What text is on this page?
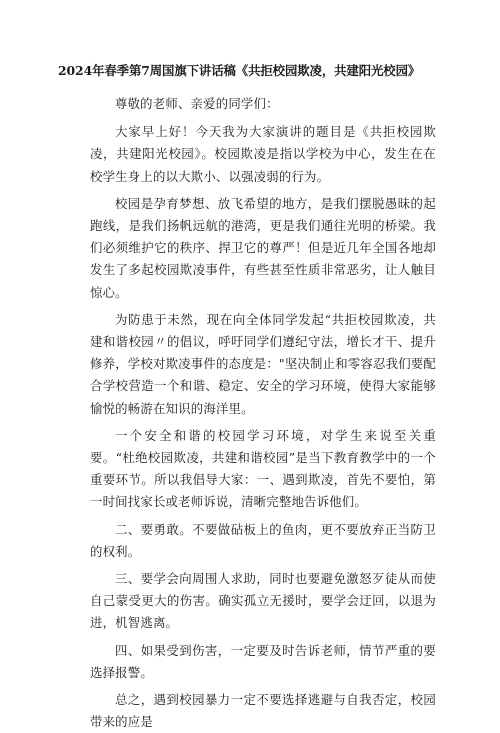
2024年春季第7周国旗下讲话稿《共拒校园欺凌，共建阳光校园》

尊敬的老师、亲爱的同学们：

大家早上好！今天我为大家演讲的题目是《共拒校园欺凌，共建阳光校园》。校园欺凌是指以学校为中心，发生在在校学生身上的以大欺小、以强凌弱的行为。

校园是孕育梦想、放飞希望的地方，是我们摆脱愚昧的起跑线，是我们扬帆远航的港湾，更是我们通往光明的桥梁。我们必须维护它的秩序、捍卫它的尊严！但是近几年全国各地却发生了多起校园欺凌事件，有些甚至性质非常恶劣，让人触目惊心。

为防患于未然，现在向全体同学发起“共拒校园欺凌，共建和谐校园〃的倡议，呼吁同学们遵纪守法，增长才干、提升修养，学校对欺凌事件的态度是："坚决制止和零容忍我们要配合学校营造一个和谐、稳定、安全的学习环境，使得大家能够愉悦的畅游在知识的海洋里。

一个安全和谐的校园学习环境，对学生来说至关重要。“杜绝校园欺凌，共建和谐校园”是当下教育教学中的一个重要环节。所以我倡导大家：一、遇到欺凌，首先不要怕，第一时间找家长或老师诉说，清晰完整地告诉他们。

二、要勇敢。不要做砧板上的鱼肉，更不要放弃正当防卫的权利。

三、要学会向周围人求助，同时也要避免激怒歹徒从而使自己蒙受更大的伤害。确实孤立无援时，要学会迂回，以退为进，机智逃离。

四、如果受到伤害，一定要及时告诉老师，情节严重的要选择报警。

总之，遇到校园暴力一定不要选择逃避与自我否定，校园带来的应是
